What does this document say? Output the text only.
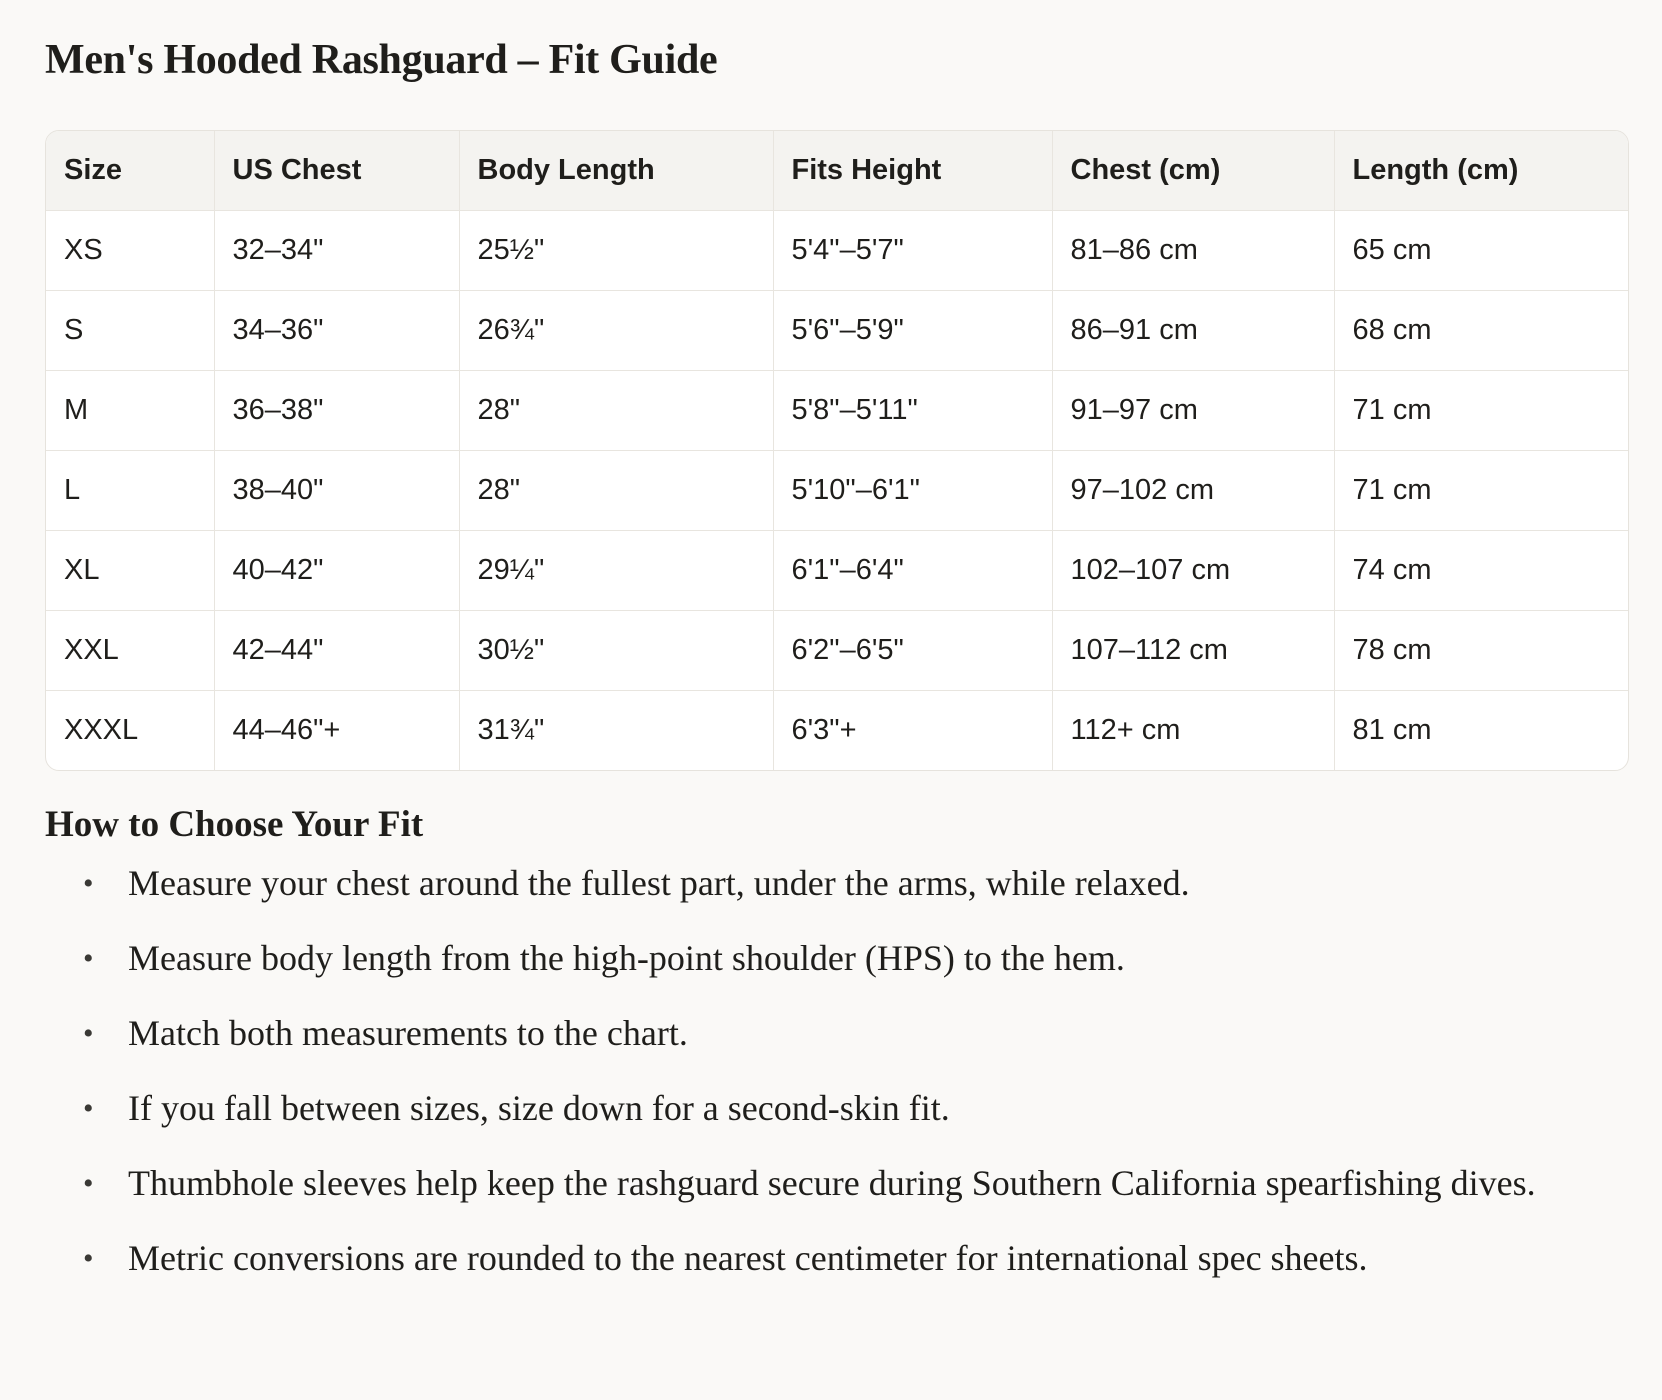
Men's Hooded Rashguard – Fit Guide
Size	US Chest	Body Length	Fits Height	Chest (cm)	Length (cm)
XS	32–34"	25½"	5'4"–5'7"	81–86 cm	65 cm
S	34–36"	26¾"	5'6"–5'9"	86–91 cm	68 cm
M	36–38"	28"	5'8"–5'11"	91–97 cm	71 cm
L	38–40"	28"	5'10"–6'1"	97–102 cm	71 cm
XL	40–42"	29¼"	6'1"–6'4"	102–107 cm	74 cm
XXL	42–44"	30½"	6'2"–6'5"	107–112 cm	78 cm
XXXL	44–46"+	31¾"	6'3"+	112+ cm	81 cm
How to Choose Your Fit
• Measure your chest around the fullest part, under the arms, while relaxed.
• Measure body length from the high-point shoulder (HPS) to the hem.
• Match both measurements to the chart.
• If you fall between sizes, size down for a second-skin fit.
• Thumbhole sleeves help keep the rashguard secure during Southern California spearfishing dives.
• Metric conversions are rounded to the nearest centimeter for international spec sheets.
